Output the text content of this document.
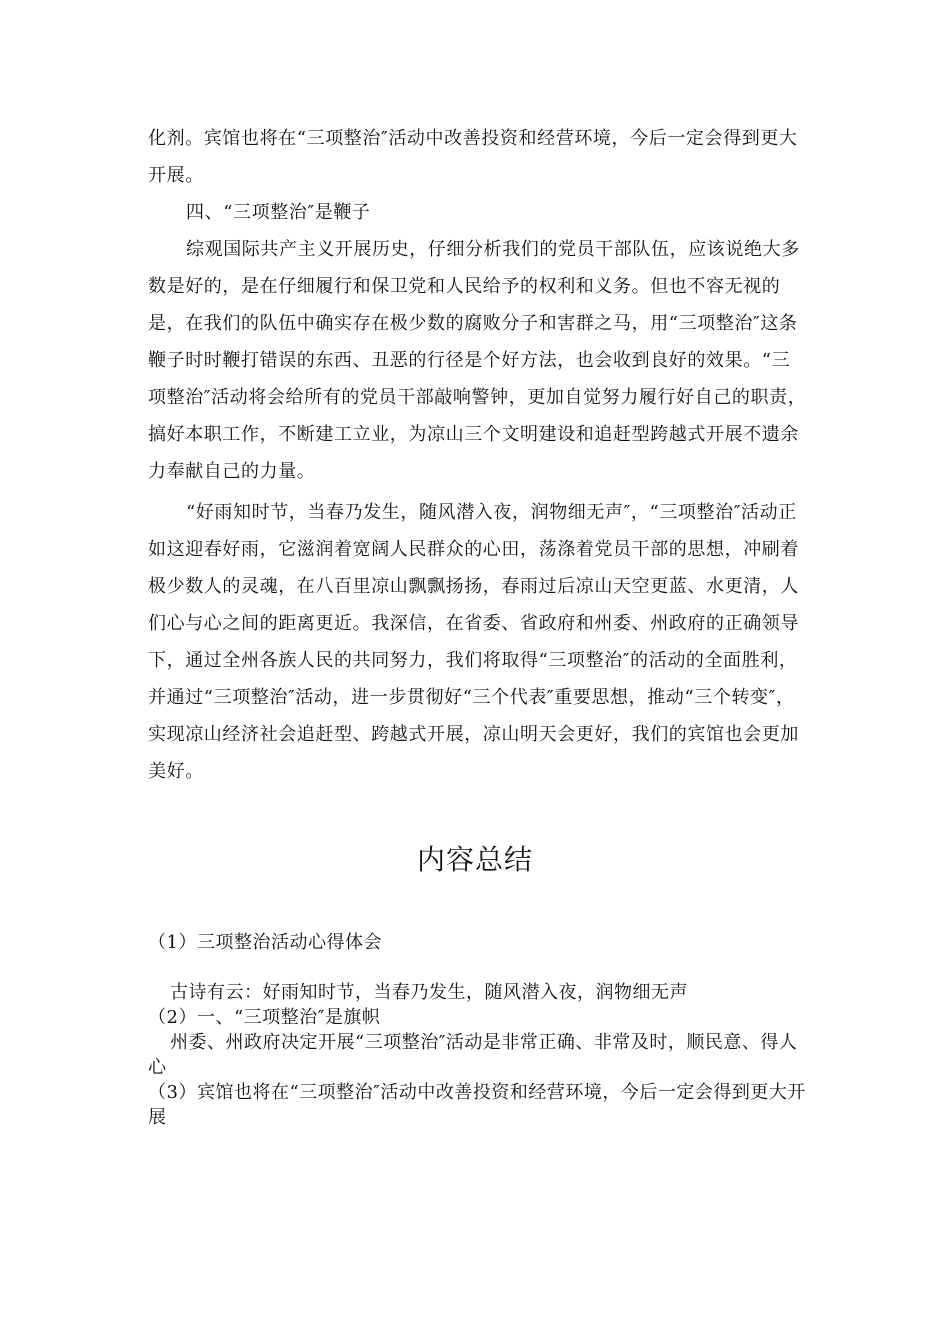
化剂。宾馆也将在“三项整治″活动中改善投资和经营环境，今后一定会得到更大开展。

四、“三项整治″是鞭子

综观国际共产主义开展历史，仔细分析我们的党员干部队伍，应该说绝大多数是好的，是在仔细履行和保卫党和人民给予的权利和义务。但也不容无视的是，在我们的队伍中确实存在极少数的腐败分子和害群之马，用“三项整治″这条鞭子时时鞭打错误的东西、丑恶的行径是个好方法，也会收到良好的效果。“三项整治″活动将会给所有的党员干部敲响警钟，更加自觉努力履行好自己的职责，搞好本职工作，不断建工立业，为凉山三个文明建设和追赶型跨越式开展不遗余力奉献自己的力量。

“好雨知时节，当春乃发生，随风潜入夜，润物细无声″，“三项整治″活动正如这迎春好雨，它滋润着宽阔人民群众的心田，荡涤着党员干部的思想，冲刷着极少数人的灵魂，在八百里凉山飘飘扬扬，春雨过后凉山天空更蓝、水更清，人们心与心之间的距离更近。我深信，在省委、省政府和州委、州政府的正确领导下，通过全州各族人民的共同努力，我们将取得“三项整治″的活动的全面胜利，并通过“三项整治″活动，进一步贯彻好“三个代表″重要思想，推动“三个转变″，实现凉山经济社会追赶型、跨越式开展，凉山明天会更好，我们的宾馆也会更加美好。

内容总结

（1）三项整治活动心得体会

古诗有云：好雨知时节，当春乃发生，随风潜入夜，润物细无声

（2）一、“三项整治″是旗帜

州委、州政府决定开展“三项整治″活动是非常正确、非常及时，顺民意、得人心

（3）宾馆也将在“三项整治″活动中改善投资和经营环境，今后一定会得到更大开展
